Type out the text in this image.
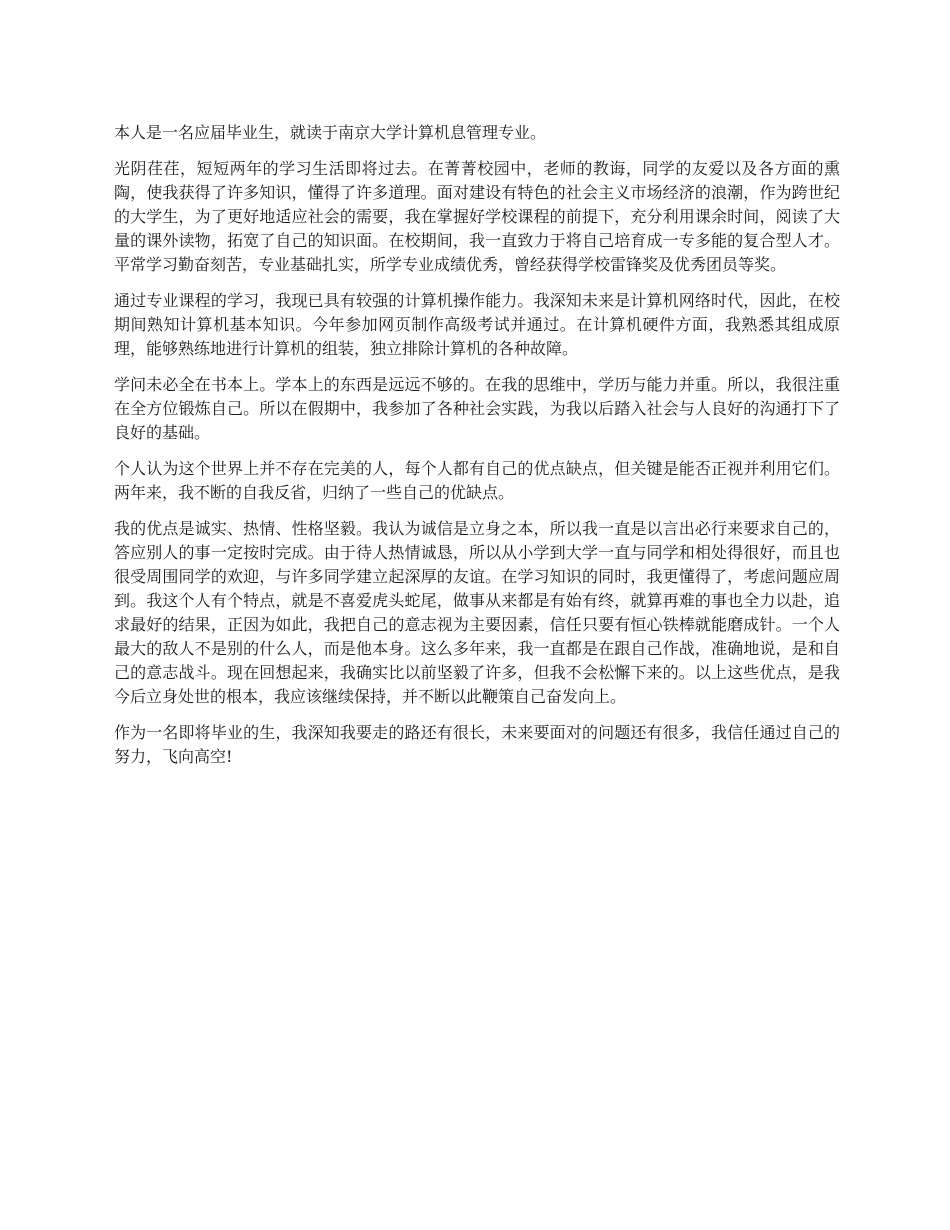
本人是一名应届毕业生，就读于南京大学计算机息管理专业。

光阴荏荏，短短两年的学习生活即将过去。在菁菁校园中，老师的教诲，同学的友爱以及各方面的熏陶，使我获得了许多知识，懂得了许多道理。面对建设有特色的社会主义市场经济的浪潮，作为跨世纪的大学生，为了更好地适应社会的需要，我在掌握好学校课程的前提下，充分利用课余时间，阅读了大量的课外读物，拓宽了自己的知识面。在校期间，我一直致力于将自己培育成一专多能的复合型人才。平常学习勤奋刻苦，专业基础扎实，所学专业成绩优秀，曾经获得学校雷锋奖及优秀团员等奖。

通过专业课程的学习，我现已具有较强的计算机操作能力。我深知未来是计算机网络时代，因此，在校期间熟知计算机基本知识。今年参加网页制作高级考试并通过。在计算机硬件方面，我熟悉其组成原理，能够熟练地进行计算机的组装，独立排除计算机的各种故障。

学问未必全在书本上。学本上的东西是远远不够的。在我的思维中，学历与能力并重。所以，我很注重在全方位锻炼自己。所以在假期中，我参加了各种社会实践，为我以后踏入社会与人良好的沟通打下了良好的基础。

个人认为这个世界上并不存在完美的人，每个人都有自己的优点缺点，但关键是能否正视并利用它们。两年来，我不断的自我反省，归纳了一些自己的优缺点。

我的优点是诚实、热情、性格坚毅。我认为诚信是立身之本，所以我一直是以言出必行来要求自己的，答应别人的事一定按时完成。由于待人热情诚恳，所以从小学到大学一直与同学和相处得很好，而且也很受周围同学的欢迎，与许多同学建立起深厚的友谊。在学习知识的同时，我更懂得了，考虑问题应周到。我这个人有个特点，就是不喜爱虎头蛇尾，做事从来都是有始有终，就算再难的事也全力以赴，追求最好的结果，正因为如此，我把自己的意志视为主要因素，信任只要有恒心铁棒就能磨成针。一个人最大的敌人不是别的什么人，而是他本身。这么多年来，我一直都是在跟自己作战，准确地说，是和自己的意志战斗。现在回想起来，我确实比以前坚毅了许多，但我不会松懈下来的。以上这些优点，是我今后立身处世的根本，我应该继续保持，并不断以此鞭策自己奋发向上。

作为一名即将毕业的生，我深知我要走的路还有很长，未来要面对的问题还有很多，我信任通过自己的努力，飞向高空!
